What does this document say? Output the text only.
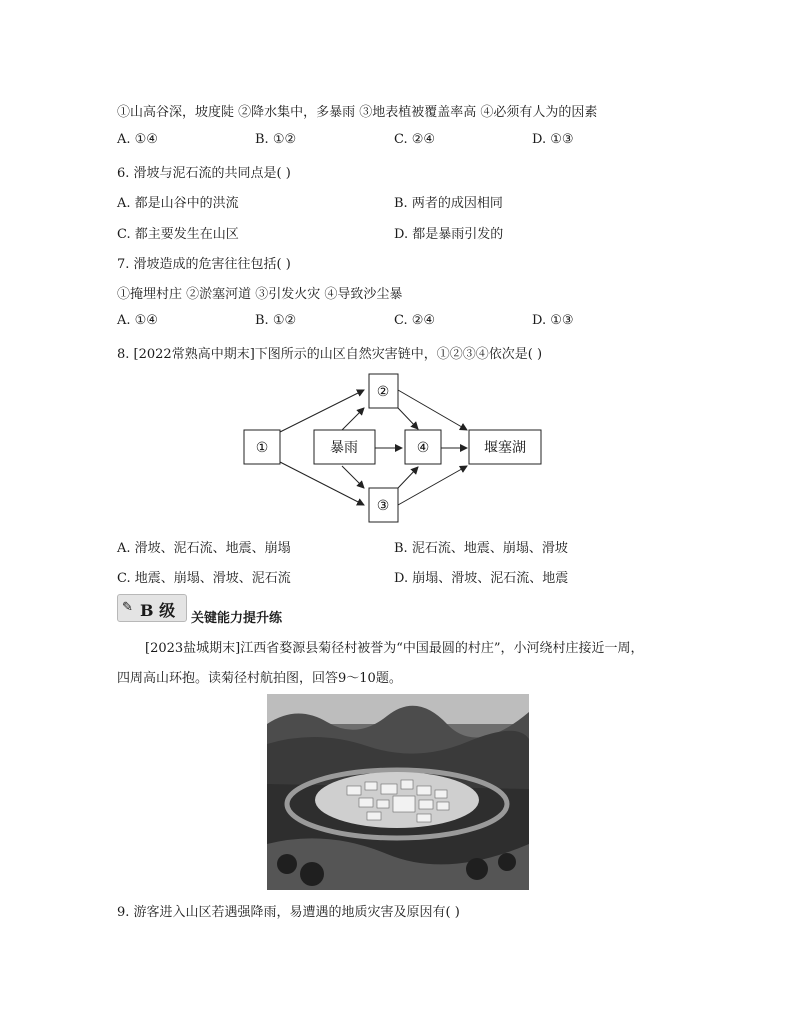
①山高谷深，坡度陡 ②降水集中，多暴雨 ③地表植被覆盖率高 ④必须有人为的因素
A. ①④	B. ①②	C. ②④	D. ①③
6. 滑坡与泥石流的共同点是( )
A. 都是山谷中的洪流	B. 两者的成因相同
C. 都主要发生在山区	D. 都是暴雨引发的
7. 滑坡造成的危害往往包括( )
①掩埋村庄 ②淤塞河道 ③引发火灾 ④导致沙尘暴
A. ①④	B. ①②	C. ②④	D. ①③
8. [2022常熟高中期末]下图所示的山区自然灾害链中，①②③④依次是( )
①	暴雨
②
③
④	堰塞湖
A. 滑坡、泥石流、地震、崩塌	B. 泥石流、地震、崩塌、滑坡
C. 地震、崩塌、滑坡、泥石流	D. 崩塌、滑坡、泥石流、地震
✎ B 级 关键能力提升练
[2023盐城期末]江西省婺源县菊径村被誉为“中国最圆的村庄”，小河绕村庄接近一周，
四周高山环抱。读菊径村航拍图，回答9～10题。
9. 游客进入山区若遇强降雨，易遭遇的地质灾害及原因有( )
